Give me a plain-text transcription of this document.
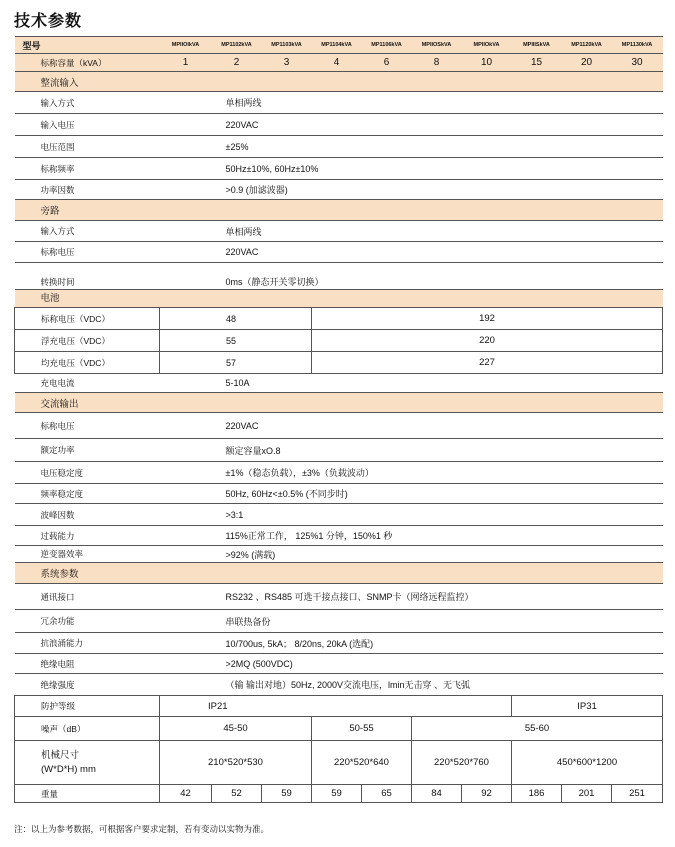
技术参数
型号	MPIIOlkVA	MP1102kVA	MP1103kVA	MP1104kVA	MP1106kVA	MPIIOSkVA	MPIIOkVA	MPIIISkVA	MP1120kVA	MP1130kVA
标称容量（kVA）	1	2	3	4	6	8	10	15	20	30
整流输入										
输入方式	单相两线									
输入电压	220VAC									
电压范围	±25%									
标称频率	50Hz±10%, 60Hz±10%									
功率因数	>0.9 (加滤波器)									
旁路										
输入方式	单相两线									
标称电压	220VAC									
转换时间	0ms（静态开关零切换）									
电池										
标称电压（VDC）	48			192						
浮充电压（VDC）	55			220						
均充电压（VDC）	57			227						
充电电流	5-10A									
交流输出										
标称电压	220VAC									
额定功率	额定容量xO.8									
电压稳定度	±1%（稳态负载），±3%（负载波动）									
频率稳定度	50Hz, 60Hz<±0.5% (不同步时)									
波峰因数	>3:1									
过载能力	115%正常工作， 125%1 分钟，150%1 秒									
逆变器效率	>92% (满载)									
系统参数										
通讯接口	RS232 、RS485 可选干接点接口、SNMP卡（网络远程监控）									
冗余功能	串联热备份									
抗浪涌能力	10/700us, 5kA； 8/20ns, 20kA (选配)									
绝缘电阻	>2MQ (500VDC)									
绝缘强度	（输 输出对地）50Hz, 2000V交流电压，lmin无击穿 、无飞弧									
防护等级	IP21							IP31		
噪声（dB）	45-50			50-55		55-60				
机械尺寸
(W*D*H) mm	210*520*530			220*520*640		220*520*760		450*600*1200		
重量	42	52	59	59	65	84	92	186	201	251
注：以上为参考数据，可根据客户要求定制，若有变动以实物为准。
